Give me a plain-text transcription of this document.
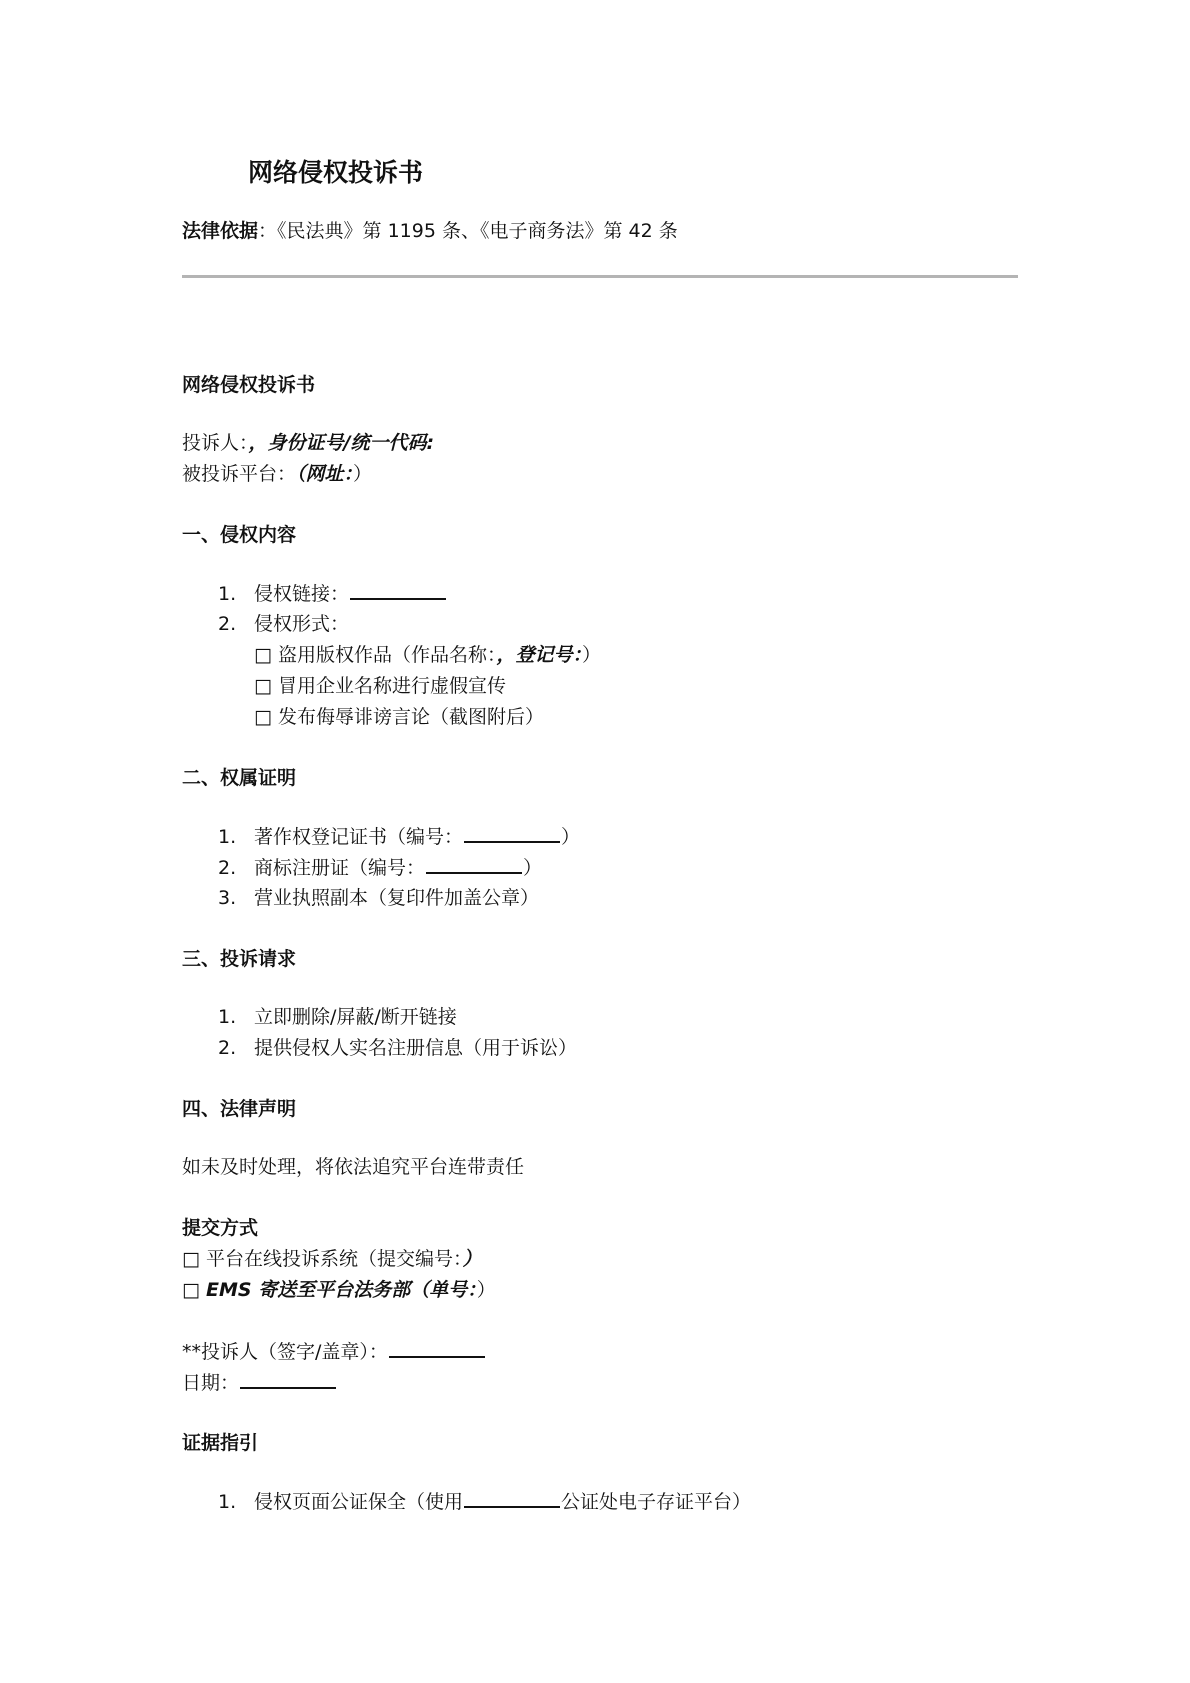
网络侵权投诉书
法律依据：《民法典》第 1195 条、《电子商务法》第 42 条
网络侵权投诉书
投诉人：，身份证号/统一代码:
被投诉平台：（网址：）
一、侵权内容
1. 侵权链接：
2. 侵权形式：
□ 盗用版权作品（作品名称：，登记号：）
□ 冒用企业名称进行虚假宣传
□ 发布侮辱诽谤言论（截图附后）
二、权属证明
1. 著作权登记证书（编号：	）
2. 商标注册证（编号：	）
3. 营业执照副本（复印件加盖公章）
三、投诉请求
1. 立即删除/屏蔽/断开链接
2. 提供侵权人实名注册信息（用于诉讼）
四、法律声明
如未及时处理，将依法追究平台连带责任
提交方式
□ 平台在线投诉系统（提交编号：）
□ EMS 寄送至平台法务部（单号：）
**投诉人（签字/盖章）：
日期：
证据指引
1. 侵权页面公证保全（使用	公证处电子存证平台）
